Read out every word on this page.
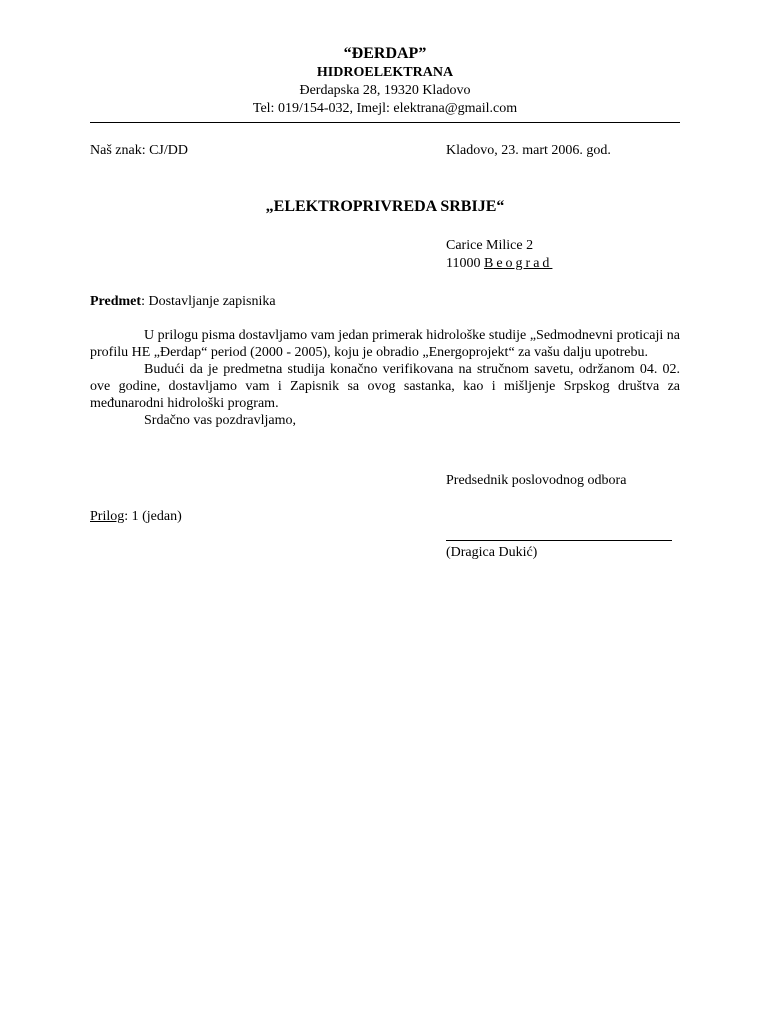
“ĐERDAP”
HIDROELEKTRANA
Đerdapska 28, 19320 Kladovo
Tel: 019/154-032, Imejl: elektrana@gmail.com
Naš znak: CJ/DD	Kladovo, 23. mart 2006. god.
„ELEKTROPRIVREDA SRBIJE“
Carice Milice 2
11000 Beograd
Predmet: Dostavljanje zapisnika

U prilogu pisma dostavljamo vam jedan primerak hidrološke studije „Sedmodnevni proticaji na profilu HE „Đerdap“ period (2000 - 2005), koju je obradio „Energoprojekt“ za vašu dalju upotrebu.

Budući da je predmetna studija konačno verifikovana na stručnom savetu, održanom 04. 02. ove godine, dostavljamo vam i Zapisnik sa ovog sastanka, kao i mišljenje Srpskog društva za međunarodni hidrološki program.

Srdačno vas pozdravljamo,

Predsednik poslovodnog odbora
Prilog: 1 (jedan)
(Dragica Dukić)
